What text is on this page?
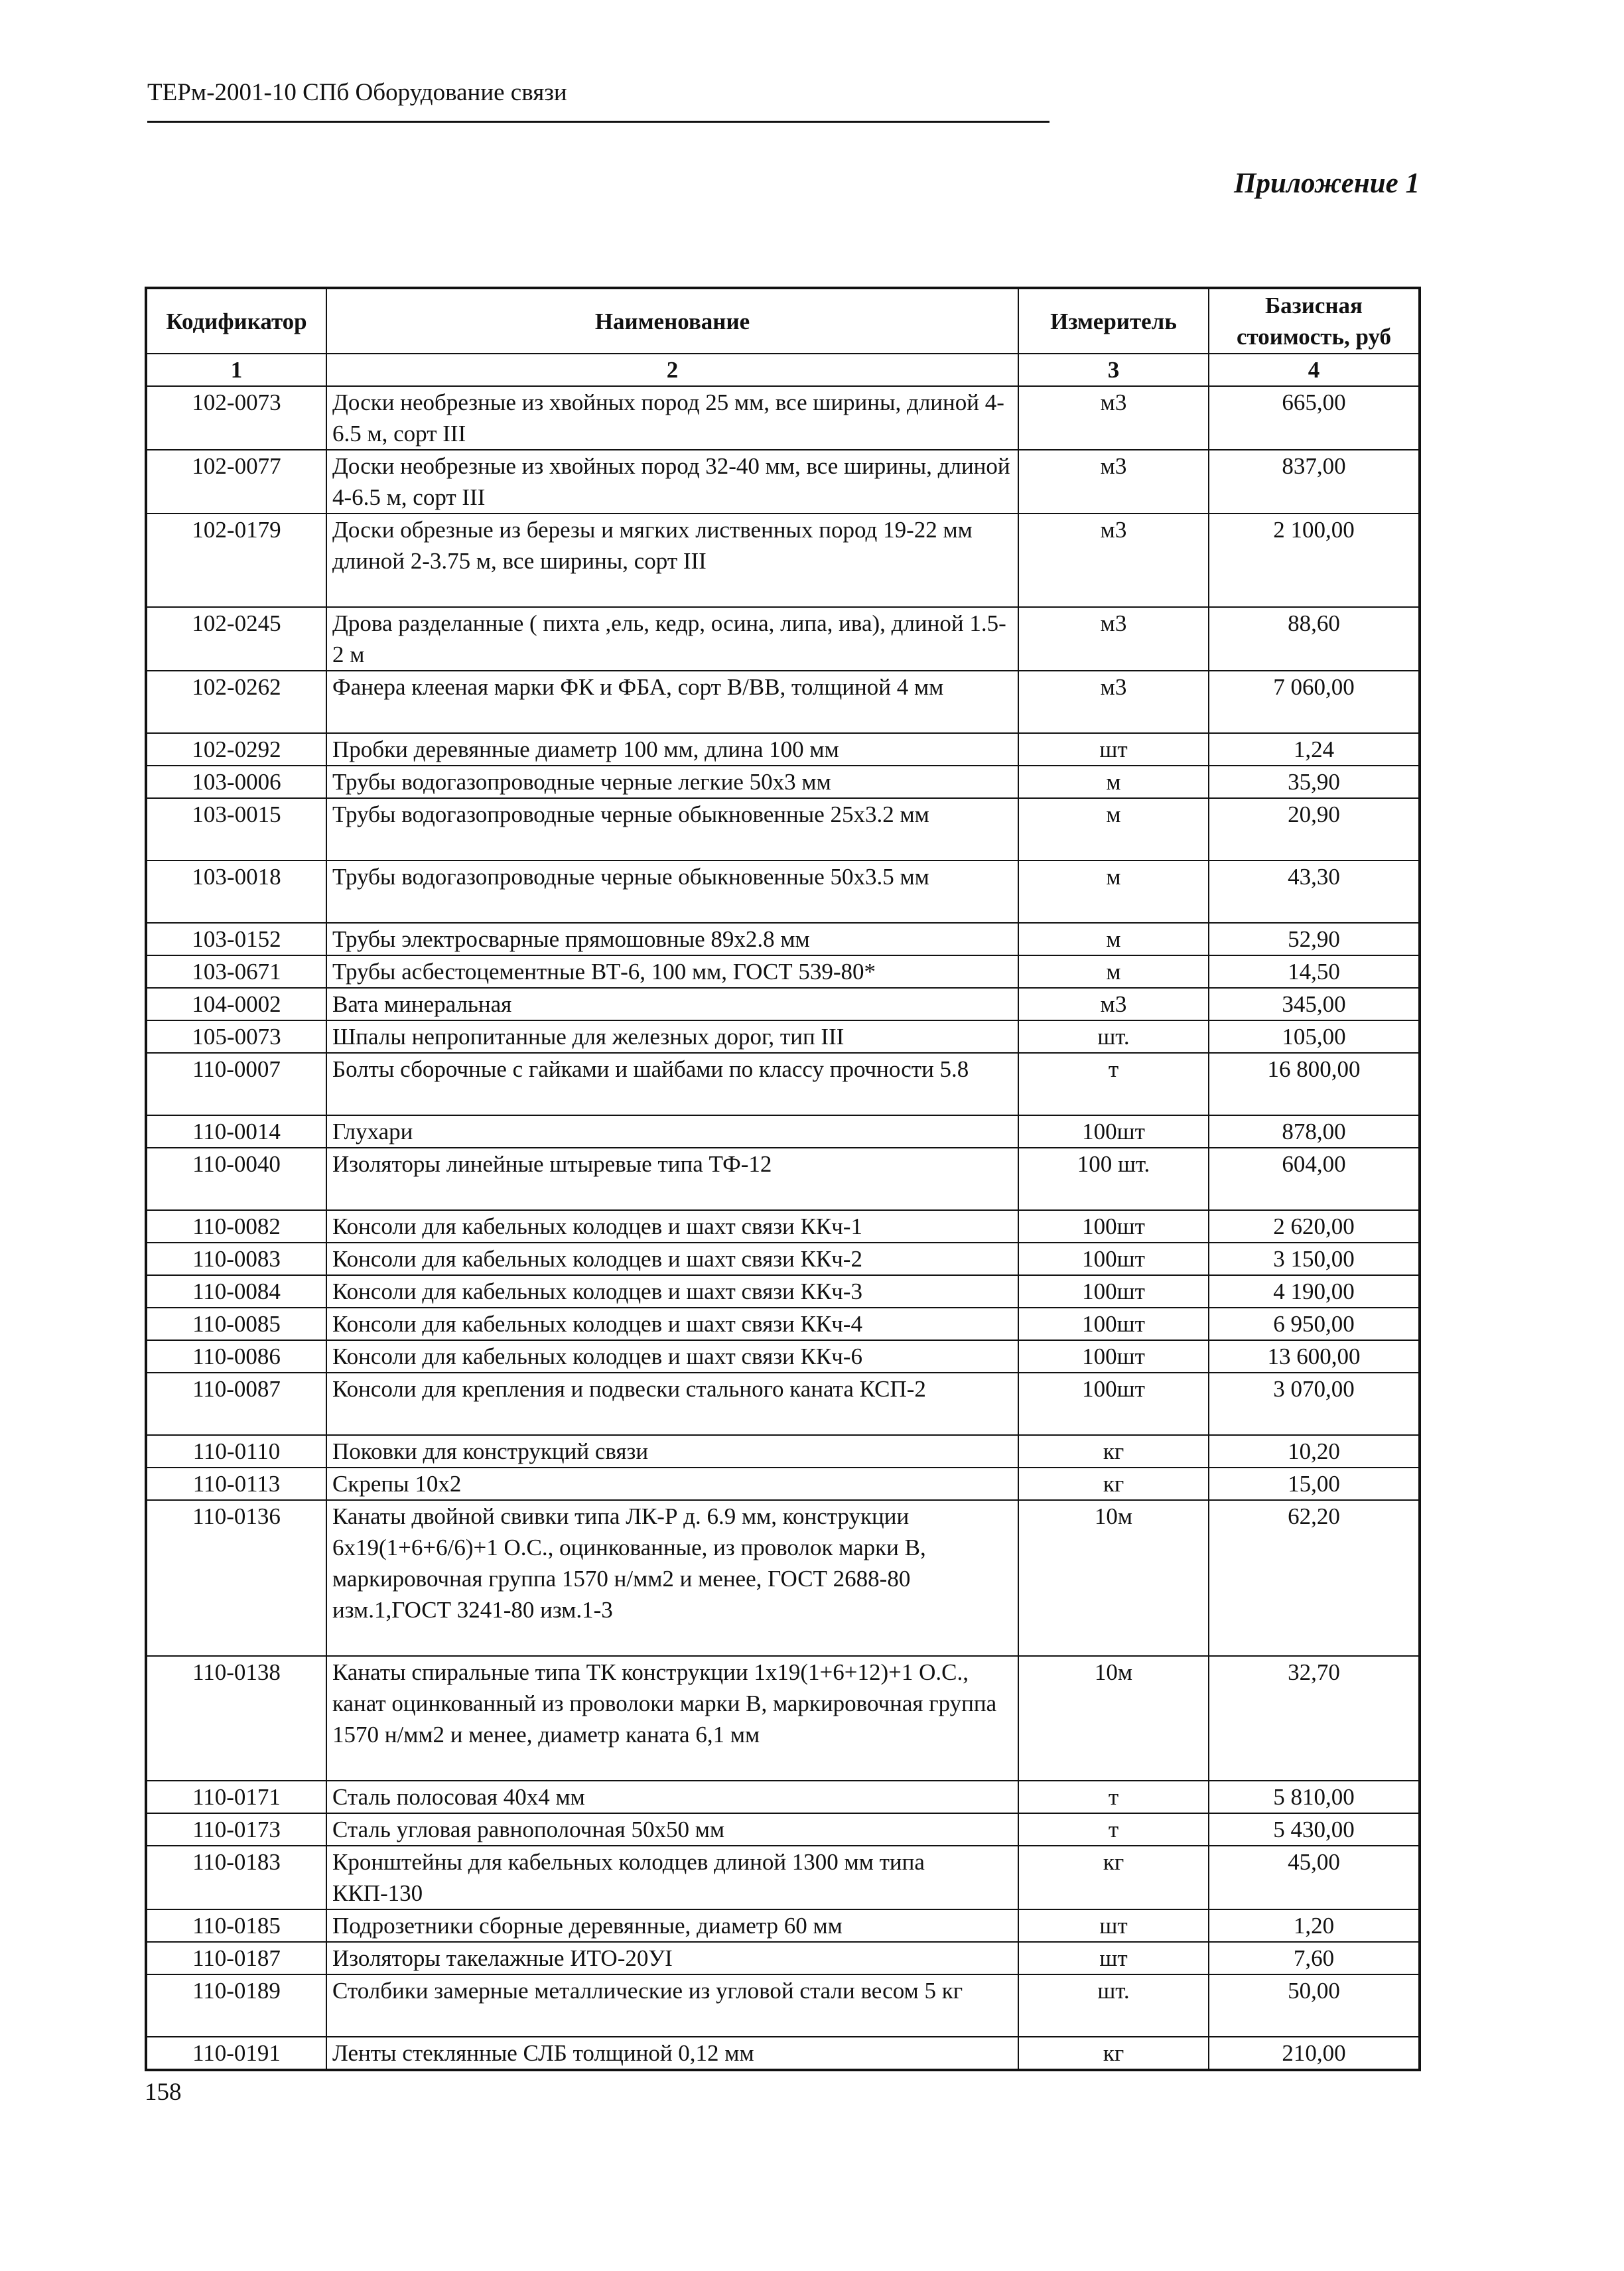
ТЕРм-2001-10 СПб Оборудование связи
Приложение 1
Кодификатор	Наименование	Измеритель	Базисная стоимость, руб
1	2	3	4
102-0073	Доски необрезные из хвойных пород 25 мм, все ширины, длиной 4-6.5 м, сорт III	м3	665,00
102-0077	Доски необрезные из хвойных пород 32-40 мм, все ширины, длиной 4-6.5 м, сорт III	м3	837,00
102-0179	Доски обрезные из березы и мягких лиственных пород 19-22 мм длиной 2-3.75 м, все ширины, сорт III	м3	2 100,00
102-0245	Дрова разделанные ( пихта ,ель, кедр, осина, липа, ива), длиной 1.5-2 м	м3	88,60
102-0262	Фанера клееная марки ФК и ФБА, сорт В/ВВ, толщиной 4 мм	м3	7 060,00
102-0292	Пробки деревянные диаметр 100 мм, длина 100 мм	шт	1,24
103-0006	Трубы водогазопроводные черные легкие 50х3 мм	м	35,90
103-0015	Трубы водогазопроводные черные обыкновенные 25х3.2 мм	м	20,90
103-0018	Трубы водогазопроводные черные обыкновенные 50х3.5 мм	м	43,30
103-0152	Трубы электросварные прямошовные 89х2.8 мм	м	52,90
103-0671	Трубы асбестоцементные ВТ-6, 100 мм, ГОСТ 539-80*	м	14,50
104-0002	Вата минеральная	м3	345,00
105-0073	Шпалы непропитанные для железных дорог, тип III	шт.	105,00
110-0007	Болты сборочные с гайками и шайбами по классу прочности 5.8	т	16 800,00
110-0014	Глухари	100шт	878,00
110-0040	Изоляторы линейные штыревые типа ТФ-12	100 шт.	604,00
110-0082	Консоли для кабельных колодцев и шахт связи ККч-1	100шт	2 620,00
110-0083	Консоли для кабельных колодцев и шахт связи ККч-2	100шт	3 150,00
110-0084	Консоли для кабельных колодцев и шахт связи ККч-3	100шт	4 190,00
110-0085	Консоли для кабельных колодцев и шахт связи ККч-4	100шт	6 950,00
110-0086	Консоли для кабельных колодцев и шахт связи ККч-6	100шт	13 600,00
110-0087	Консоли для крепления и подвески стального каната КСП-2	100шт	3 070,00
110-0110	Поковки для конструкций связи	кг	10,20
110-0113	Скрепы 10х2	кг	15,00
110-0136	Канаты двойной свивки типа ЛК-Р д. 6.9 мм, конструкции 6х19(1+6+6/6)+1 О.С., оцинкованные, из проволок марки В, маркировочная группа 1570 н/мм2 и менее, ГОСТ 2688-80 изм.1,ГОСТ 3241-80 изм.1-3	10м	62,20
110-0138	Канаты спиральные типа ТК конструкции 1х19(1+6+12)+1 О.С., канат оцинкованный из проволоки марки В, маркировочная группа 1570 н/мм2 и менее, диаметр каната 6,1 мм	10м	32,70
110-0171	Сталь полосовая 40х4 мм	т	5 810,00
110-0173	Сталь угловая равнополочная 50х50 мм	т	5 430,00
110-0183	Кронштейны для кабельных колодцев длиной 1300 мм типа ККП-130	кг	45,00
110-0185	Подрозетники сборные деревянные, диаметр 60 мм	шт	1,20
110-0187	Изоляторы такелажные ИТО-20УI	шт	7,60
110-0189	Столбики замерные металлические из угловой стали весом 5 кг	шт.	50,00
110-0191	Ленты стеклянные СЛБ толщиной 0,12 мм	кг	210,00
158
